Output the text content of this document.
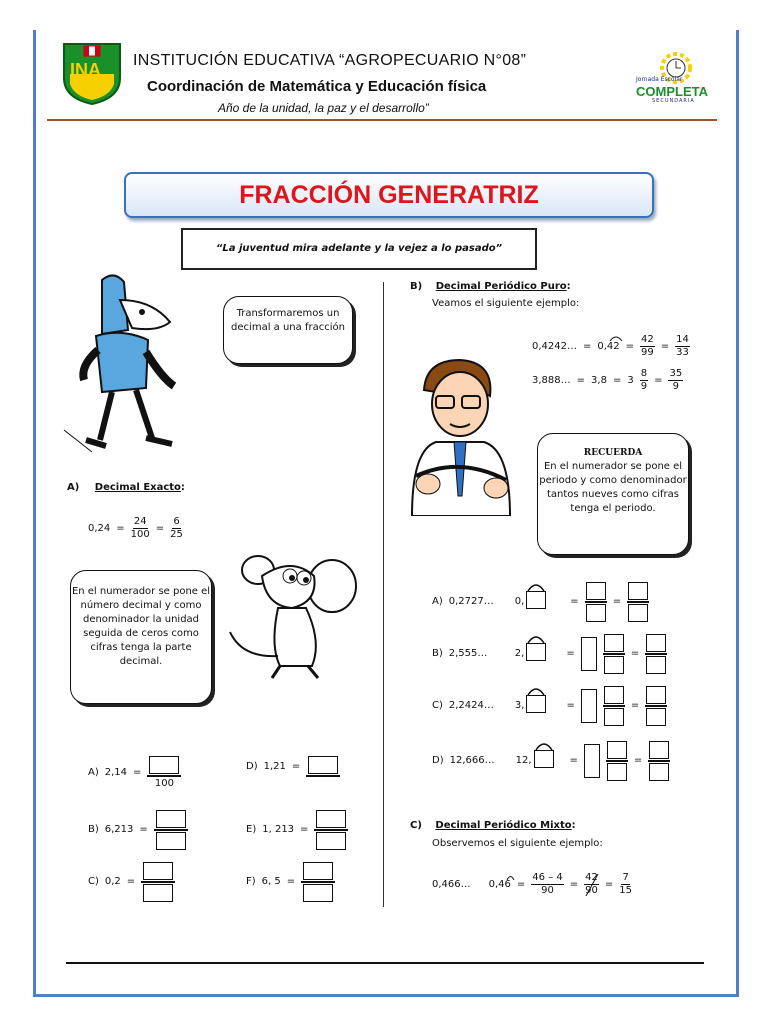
INA INSTITUCIÓN EDUCATIVA “AGROPECUARIO N°08”
Coordinación de Matemática y Educación física
Año de la unidad, la paz y el desarrollo”
Jornada Escolar
COMPLETA
SECUNDARIA
FRACCIÓN GENERATRIZ
“La juventud mira adelante y la vejez a lo pasado”
Transformaremos un decimal a una fracción
A) Decimal Exacto:
$0,24 = \frac{24}{100} = \frac{6}{25}$
En el numerador se pone el número decimal y como denominador la unidad seguida de ceros como cifras tenga la parte decimal.
A) 2,14 =
100
B) 6,213 =
C) 0,2 =
D) 1,21 =
E) 1, 213 =
F) 6, 5 =
B) Decimal Periódico Puro:
Veamos el siguiente ejemplo:
0,4242… = $0,42 = \frac{42}{99} = \frac{14}{33}$
3,888… = $3,8 = 3 \frac{8}{9} = \frac{35}{9}$
RECUERDA
En el numerador se pone el periodo y como denominador tantos nueves como cifras tenga el periodo.
A) 0,2727…	0,	=	=
B) 2,555…	2,	=	=
C) 2,2424…	3,	=	=
D) 12,666…	12,	=	=
C) Decimal Periódico Mixto:
Observemos el siguiente ejemplo:
0,466… $0,46 = \frac{46 - 4}{90} = \frac{42}{90} = \frac{7}{15}$
